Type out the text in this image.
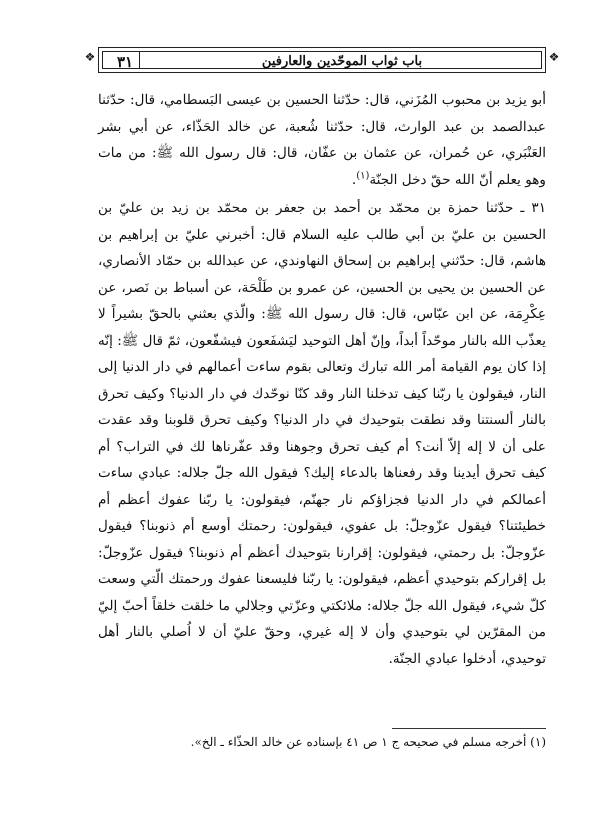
❖ ٣١	باب ثواب الموحّدين والعارفين	❖

أبو يزيد بن محبوب المُزَني، قال: حدّثنا الحسين بن عيسى البَسطامي، قال: حدّثنا عبدالصمد بن عبد الوارث، قال: حدّثنا شُعبة، عن خالد الحَذّاء، عن أبي بشر العَنْبَري، عن حُمران، عن عثمان بن عفّان، قال: قال رسول الله ﷺ: من مات وهو يعلم أنّ الله حقّ دخل الجنّة$^{(١)}$.

٣١ ـ حدّثنا حمزة بن محمّد بن أحمد بن جعفر بن محمّد بن زيد بن عليّ بن الحسين بن عليّ بن أبي طالب عليه السلام قال: أخبرني عليّ بن إبراهيم بن هاشم، قال: حدّثني إبراهيم بن إسحاق النهاوندي، عن عبدالله بن حمّاد الأنصاري، عن الحسين بن يحيى بن الحسين، عن عمرو بن طَلْحَة، عن أسباط بن نَصر، عن عِكْرِمَة، عن ابن عبّاس، قال: قال رسول الله ﷺ: والّذي بعثني بالحقّ بشيراً لا يعذّب الله بالنار موحّداً أبداً، وإنّ أهل التوحيد ليَشفَعون فيشفّعون، ثمّ قال ﷺ: إنّه إذا كان يوم القيامة أمر الله تبارك وتعالى بقوم ساءت أعمالهم في دار الدنيا إلى النار، فيقولون يا ربّنا كيف تدخلنا النار وقد كنّا نوحّدك في دار الدنيا؟ وكيف تحرق بالنار ألسنتنا وقد نطقت بتوحيدك في دار الدنيا؟ وكيف تحرق قلوبنا وقد عقدت على أن لا إله إلاّ أنت؟ أم كيف تحرق وجوهنا وقد عفّرناها لك في التراب؟ أم كيف تحرق أيدينا وقد رفعناها بالدعاء إليك؟ فيقول الله جلّ جلاله: عبادي ساءت أعمالكم في دار الدنيا فجزاؤكم نار جهنّم، فيقولون: يا ربّنا عفوك أعظم أم خطيئتنا؟ فيقول عزّوجلّ: بل عفوي، فيقولون: رحمتك أوسع أم ذنوبنا؟ فيقول عزّوجلّ: بل رحمتي، فيقولون: إقرارنا بتوحيدك أعظم أم ذنوبنا؟ فيقول عزّوجلّ: بل إقراركم بتوحيدي أعظم، فيقولون: يا ربّنا فليسعنا عفوك ورحمتك الّتي وسعت كلّ شيء، فيقول الله جلّ جلاله: ملائكتي وعزّتي وجلالي ما خلقت خلقاً أحبّ إليّ من المقرّين لي بتوحيدي وأن لا إله غيري، وحقّ عليّ أن لا اُصلي بالنار أهل توحيدي، أدخلوا عبادي الجنّة.

(١) أخرجه مسلم في صحيحه ج ١ ص ٤١ بإسناده عن خالد الحذّاء ـ الخ».
